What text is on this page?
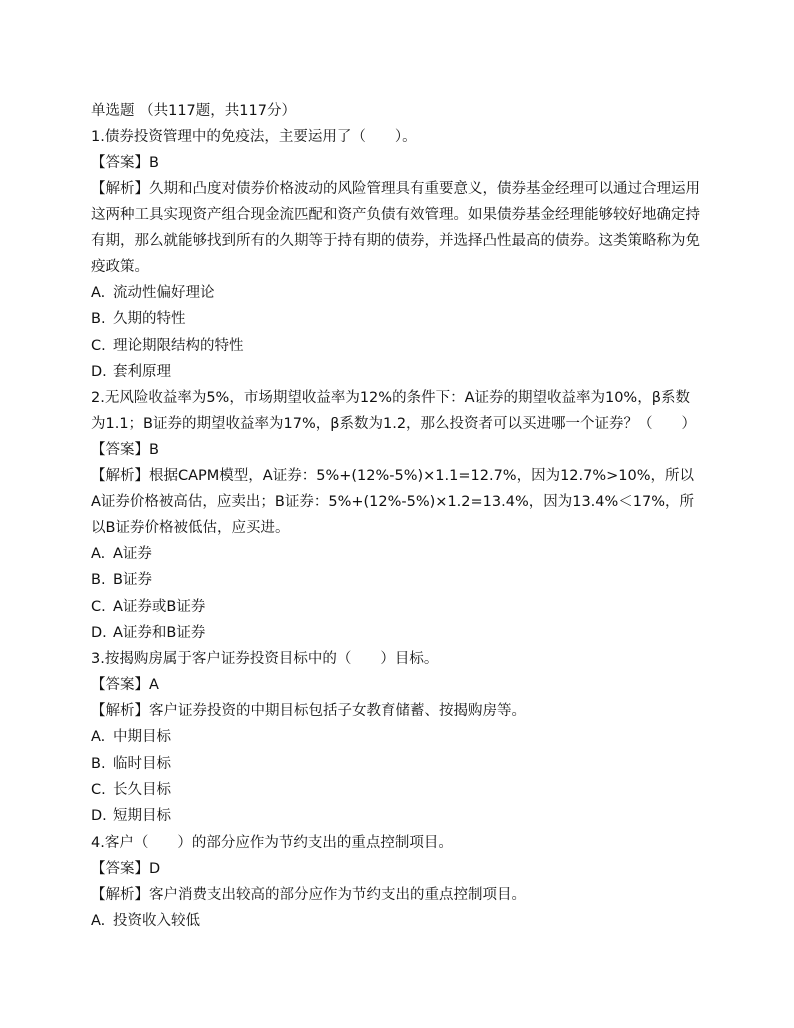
单选题 （共117题，共117分）
1.债券投资管理中的免疫法，主要运用了（　　）。
【答案】B
【解析】久期和凸度对债券价格波动的风险管理具有重要意义，债券基金经理可以通过合理运用这两种工具实现资产组合现金流匹配和资产负债有效管理。如果债券基金经理能够较好地确定持有期，那么就能够找到所有的久期等于持有期的债券，并选择凸性最高的债券。这类策略称为免疫政策。
A. 流动性偏好理论
B. 久期的特性
C. 理论期限结构的特性
D. 套利原理
2.无风险收益率为5%，市场期望收益率为12%的条件下：A证券的期望收益率为10%，β系数为1.1；B证券的期望收益率为17%，β系数为1.2，那么投资者可以买进哪一个证券？（　　）
【答案】B
【解析】根据CAPM模型，A证券：5%+(12%-5%)×1.1=12.7%，因为12.7%>10%，所以A证券价格被高估，应卖出；B证券：5%+(12%-5%)×1.2=13.4%，因为13.4%＜17%，所以B证券价格被低估，应买进。
A. A证券
B. B证券
C. A证券或B证券
D. A证券和B证券
3.按揭购房属于客户证券投资目标中的（　　）目标。
【答案】A
【解析】客户证券投资的中期目标包括子女教育储蓄、按揭购房等。
A. 中期目标
B. 临时目标
C. 长久目标
D. 短期目标
4.客户（　　）的部分应作为节约支出的重点控制项目。
【答案】D
【解析】客户消费支出较高的部分应作为节约支出的重点控制项目。
A. 投资收入较低
